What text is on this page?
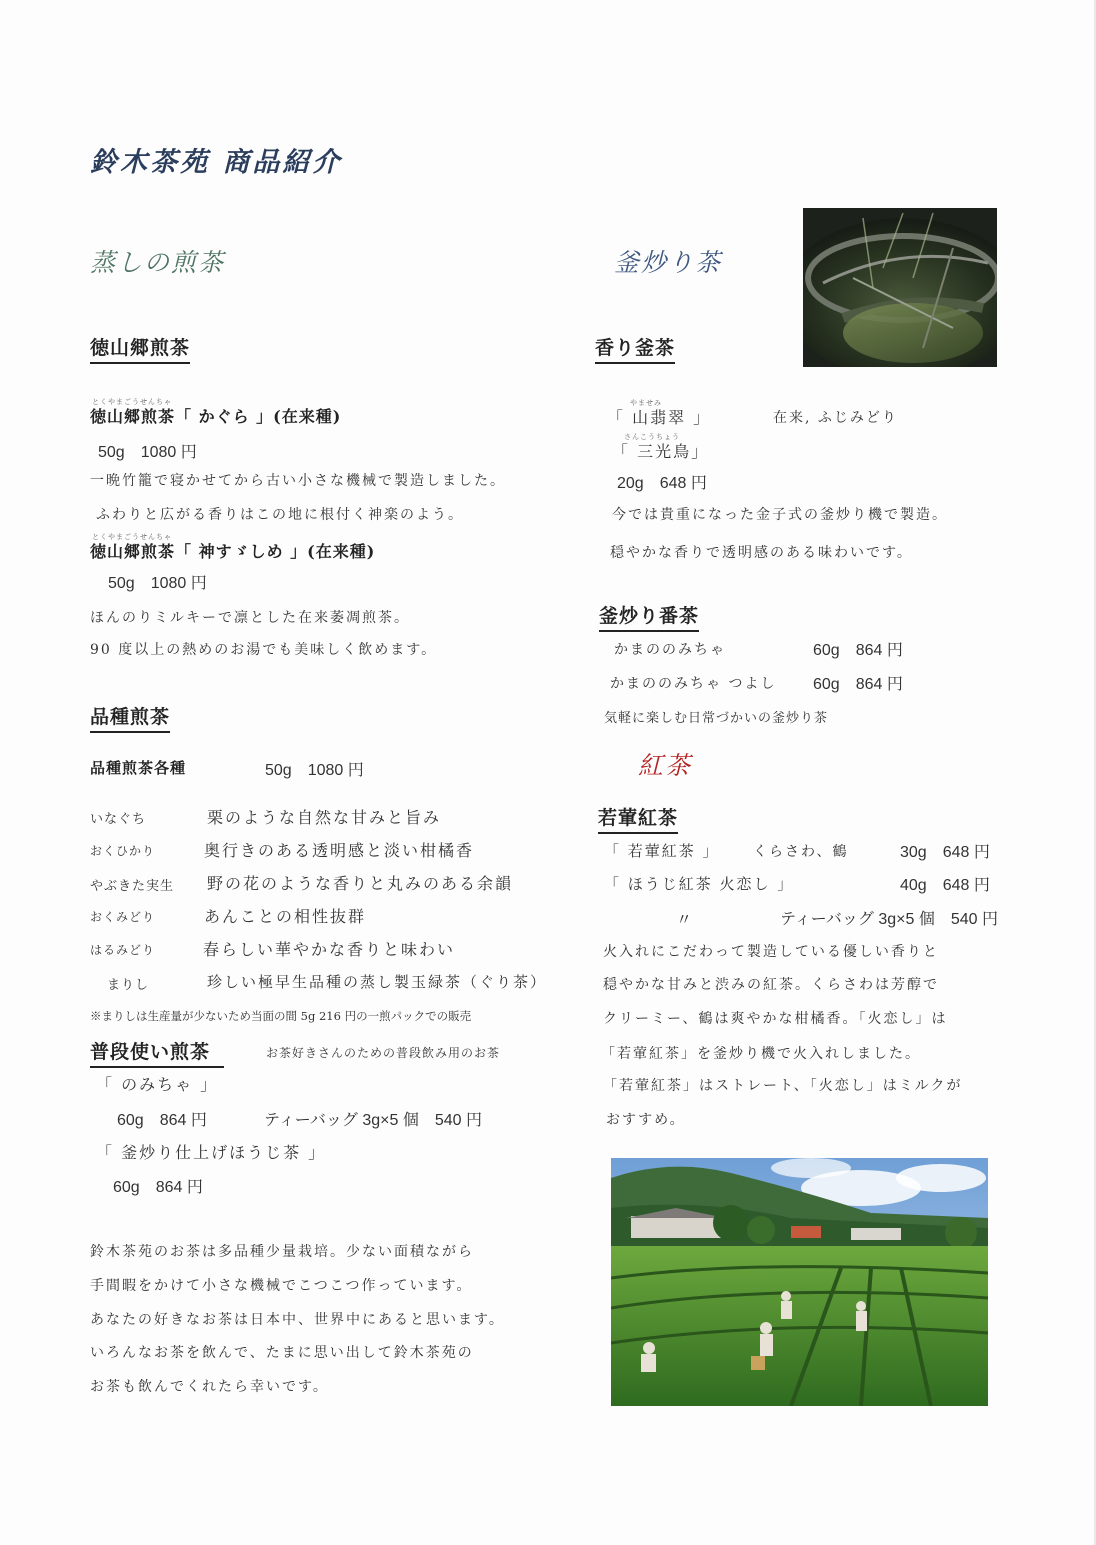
鈴木茶苑 商品紹介
蒸しの煎茶	釜炒り茶
紅茶
徳山郷煎茶
とくやまごうせんちゃ
徳山郷煎茶「 かぐら 」(在来種)
50g　1080 円
一晩竹籠で寝かせてから古い小さな機械で製造しました。
ふわりと広がる香りはこの地に根付く神楽のよう。
とくやまごうせんちゃ
徳山郷煎茶「 神すゞしめ 」(在来種)
50g　1080 円
ほんのりミルキーで凛とした在来萎凋煎茶。
90 度以上の熱めのお湯でも美味しく飲めます。
品種煎茶
品種煎茶各種	50g　1080 円
いなぐち	栗のような自然な甘みと旨み
おくひかり	奥行きのある透明感と淡い柑橘香
やぶきた実生 野の花のような香りと丸みのある余韻
おくみどり	あんことの相性抜群
はるみどり	春らしい華やかな香りと味わい
まりし	珍しい極早生品種の蒸し製玉緑茶（ぐり茶）
※まりしは生産量が少ないため当面の間 5g 216 円の一煎パックでの販売
普段使い煎茶	お茶好きさんのための普段飲み用のお茶
「 のみちゃ 」
60g　864 円	ティーバッグ 3g×5 個　540 円
「 釜炒り仕上げほうじ茶 」
60g　864 円
鈴木茶苑のお茶は多品種少量栽培。少ない面積ながら
手間暇をかけて小さな機械でこつこつ作っています。
あなたの好きなお茶は日本中、世界中にあると思います。
いろんなお茶を飲んで、たまに思い出して鈴木茶苑の
お茶も飲んでくれたら幸いです。
香り釜茶
やませみ
「 山翡翠 」	在来, ふじみどり
さんこうちょう
「 三光鳥」
20g　648 円
今では貴重になった金子式の釜炒り機で製造。
穏やかな香りで透明感のある味わいです。
釜炒り番茶
かまののみちゃ	60g　864 円
かまののみちゃ つよし 60g　864 円
気軽に楽しむ日常づかいの釜炒り茶
若葷紅茶
「 若葷紅茶 」 くらさわ、鶴	30g　648 円
「 ほうじ紅茶 火恋し 」	40g　648 円
〃	ティーバッグ 3g×5 個　540 円
火入れにこだわって製造している優しい香りと
穏やかな甘みと渋みの紅茶。くらさわは芳醇で
クリーミー、鶴は爽やかな柑橘香。「火恋し」は
「若葷紅茶」を釜炒り機で火入れしました。
「若葷紅茶」はストレート、「火恋し」はミルクが
おすすめ。
